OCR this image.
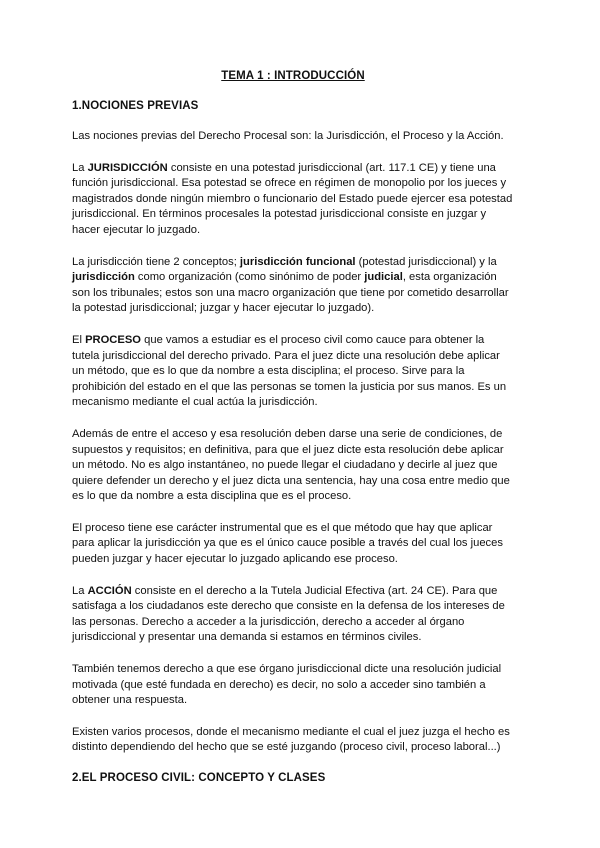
TEMA 1 : INTRODUCCIÓN
1.NOCIONES PREVIAS

Las nociones previas del Derecho Procesal son: la Jurisdicción, el Proceso y la Acción.

La JURISDICCIÓN consiste en una potestad jurisdiccional (art. 117.1 CE) y tiene una función jurisdiccional. Esa potestad se ofrece en régimen de monopolio por los jueces y magistrados donde ningún miembro o funcionario del Estado puede ejercer esa potestad jurisdiccional. En términos procesales la potestad jurisdiccional consiste en juzgar y hacer ejecutar lo juzgado.

La jurisdicción tiene 2 conceptos; jurisdicción funcional (potestad jurisdiccional) y la jurisdicción como organización (como sinónimo de poder judicial, esta organización son los tribunales; estos son una macro organización que tiene por cometido desarrollar la potestad jurisdiccional; juzgar y hacer ejecutar lo juzgado).

El PROCESO que vamos a estudiar es el proceso civil como cauce para obtener la tutela jurisdiccional del derecho privado. Para el juez dicte una resolución debe aplicar un método, que es lo que da nombre a esta disciplina; el proceso. Sirve para la prohibición del estado en el que las personas se tomen la justicia por sus manos. Es un mecanismo mediante el cual actúa la jurisdicción.

Además de entre el acceso y esa resolución deben darse una serie de condiciones, de supuestos y requisitos; en definitiva, para que el juez dicte esta resolución debe aplicar un método. No es algo instantáneo, no puede llegar el ciudadano y decirle al juez que quiere defender un derecho y el juez dicta una sentencia, hay una cosa entre medio que es lo que da nombre a esta disciplina que es el proceso.

El proceso tiene ese carácter instrumental que es el que método que hay que aplicar para aplicar la jurisdicción ya que es el único cauce posible a través del cual los jueces pueden juzgar y hacer ejecutar lo juzgado aplicando ese proceso.

La ACCIÓN consiste en el derecho a la Tutela Judicial Efectiva (art. 24 CE). Para que satisfaga a los ciudadanos este derecho que consiste en la defensa de los intereses de las personas. Derecho a acceder a la jurisdicción, derecho a acceder al órgano jurisdiccional y presentar una demanda si estamos en términos civiles.

También tenemos derecho a que ese órgano jurisdiccional dicte una resolución judicial motivada (que esté fundada en derecho) es decir, no solo a acceder sino también a obtener una respuesta.

Existen varios procesos, donde el mecanismo mediante el cual el juez juzga el hecho es distinto dependiendo del hecho que se esté juzgando (proceso civil, proceso laboral...)

2.EL PROCESO CIVIL: CONCEPTO Y CLASES
